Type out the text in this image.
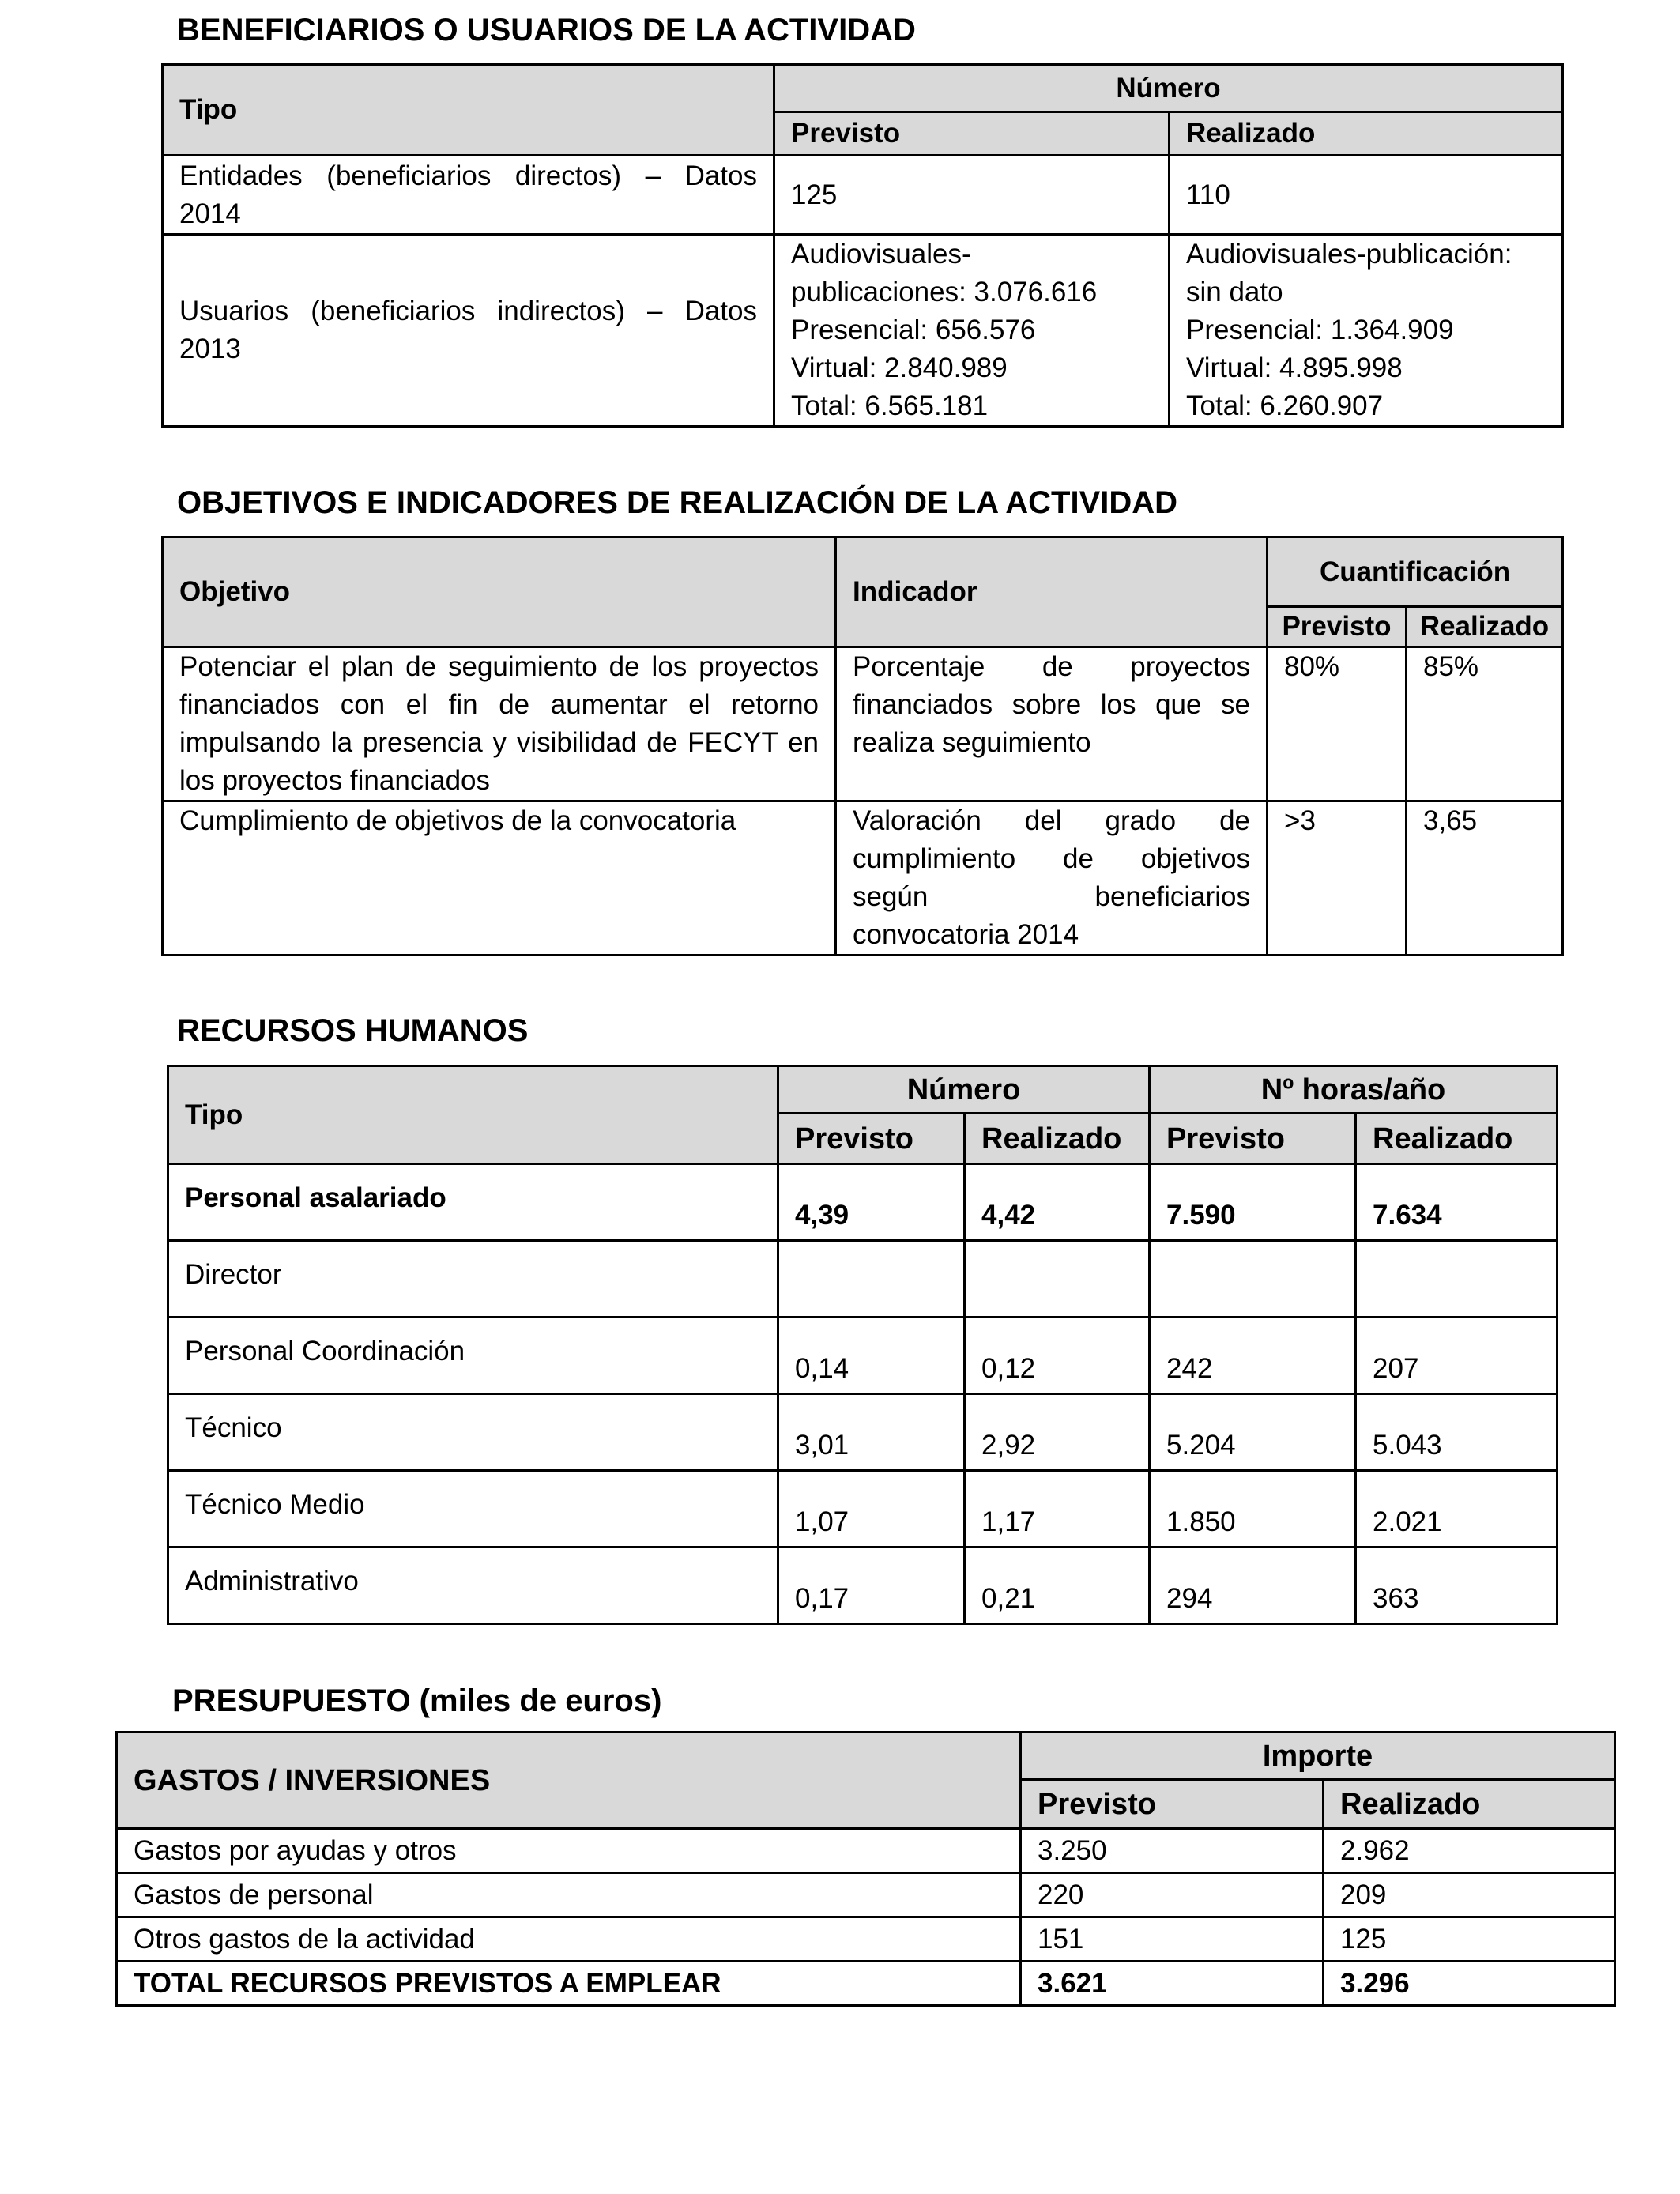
BENEFICIARIOS O USUARIOS DE LA ACTIVIDAD
Tipo	Número	
	Previsto	Realizado
Entidades (beneficiarios directos) – Datos 2014	125	110
Usuarios (beneficiarios indirectos) – Datos 2013	Audiovisuales-
publicaciones: 3.076.616
Presencial: 656.576
Virtual: 2.840.989
Total: 6.565.181	Audiovisuales-publicación:
sin dato
Presencial: 1.364.909
Virtual: 4.895.998
Total: 6.260.907
OBJETIVOS E INDICADORES DE REALIZACIÓN DE LA ACTIVIDAD
Objetivo	Indicador	Cuantificación	
		Previsto	Realizado
Potenciar el plan de seguimiento de los proyectos financiados con el fin de aumentar el retorno impulsando la presencia y visibilidad de FECYT en los proyectos financiados	Porcentaje de proyectos financiados sobre los que se realiza seguimiento	80%	85%
Cumplimiento de objetivos de la convocatoria	Valoración del grado de cumplimiento de objetivos según beneficiarios convocatoria 2014	>3	3,65
RECURSOS HUMANOS
Tipo	Número		Nº horas/año	
	Previsto	Realizado	Previsto	Realizado
Personal asalariado	4,39	4,42	7.590	7.634
Director				
Personal Coordinación	0,14	0,12	242	207
Técnico	3,01	2,92	5.204	5.043
Técnico Medio	1,07	1,17	1.850	2.021
Administrativo	0,17	0,21	294	363
PRESUPUESTO (miles de euros)
GASTOS / INVERSIONES	Importe	
	Previsto	Realizado
Gastos por ayudas y otros	3.250	2.962
Gastos de personal	220	209
Otros gastos de la actividad	151	125
TOTAL RECURSOS PREVISTOS A EMPLEAR	3.621	3.296
